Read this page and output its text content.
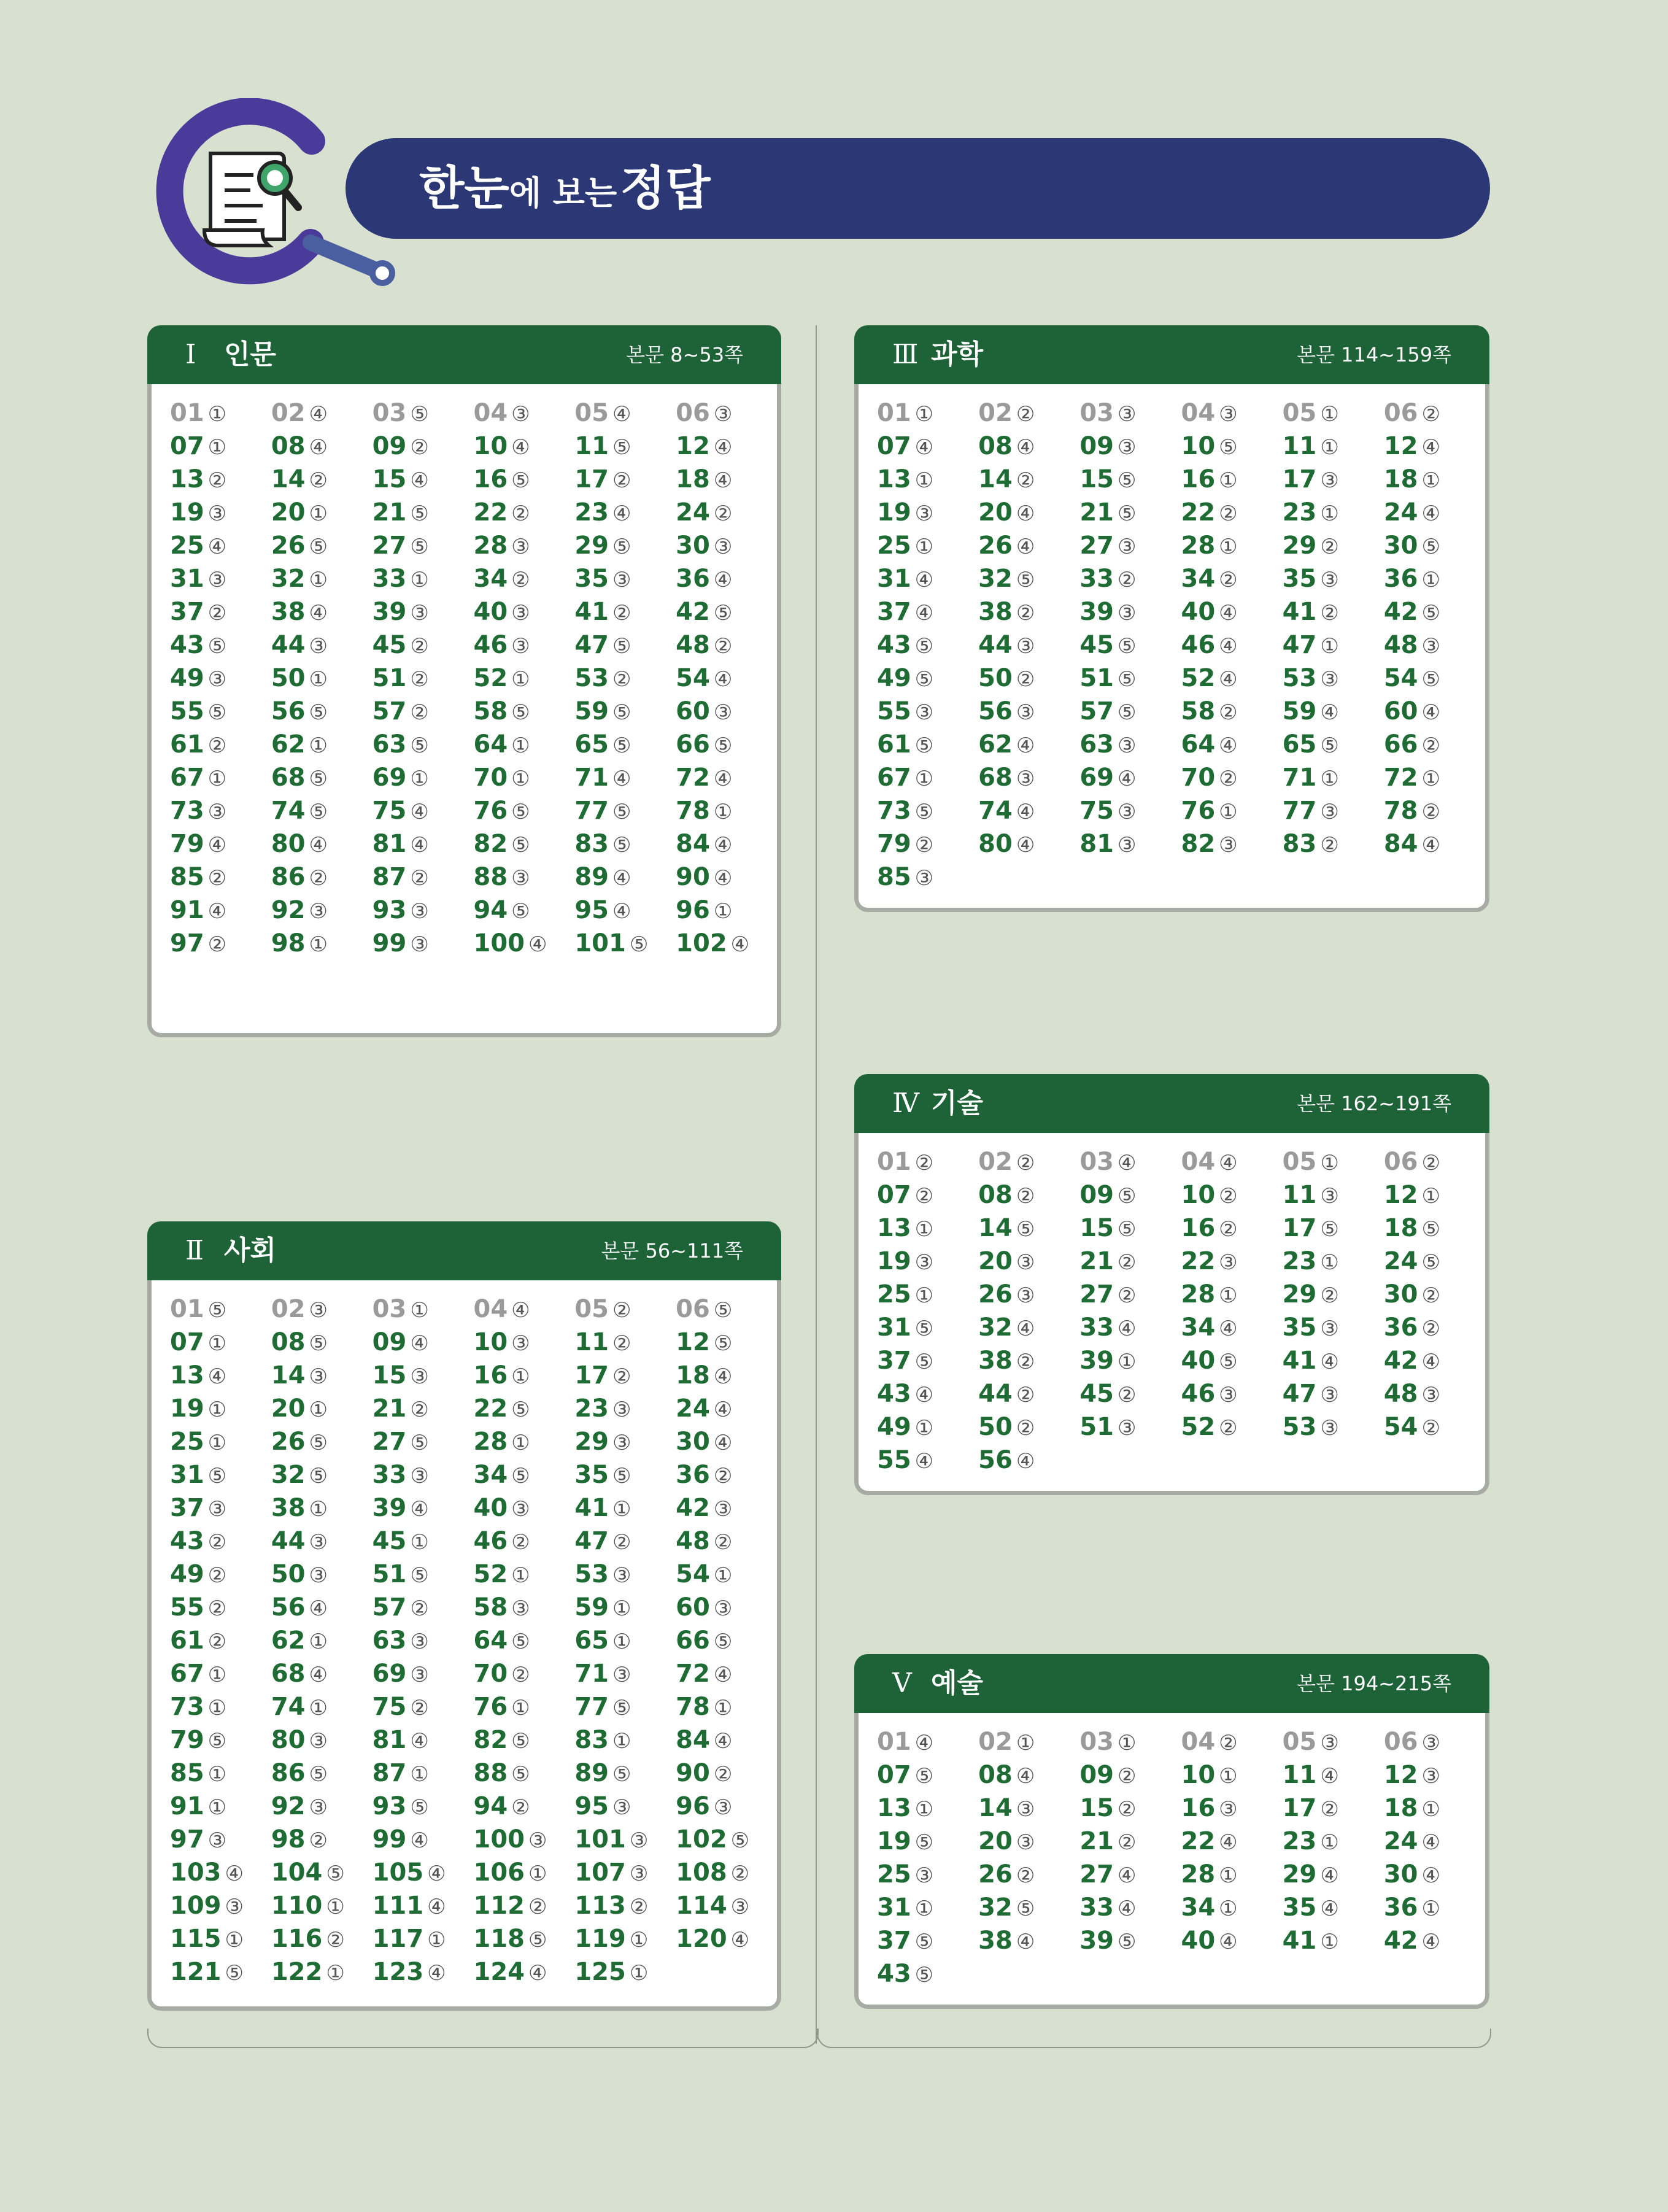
한눈에 보는 정답
Ⅰ 인문	본문 8~53쪽
01 ①	02 ④	03 ⑤	04 ③	05 ④	06 ③
07 ①	08 ④	09 ②	10 ④	11 ⑤	12 ④
13 ②	14 ②	15 ④	16 ⑤	17 ②	18 ④
19 ③	20 ①	21 ⑤	22 ②	23 ④	24 ②
25 ④	26 ⑤	27 ⑤	28 ③	29 ⑤	30 ③
31 ③	32 ①	33 ①	34 ②	35 ③	36 ④
37 ②	38 ④	39 ③	40 ③	41 ②	42 ⑤
43 ⑤	44 ③	45 ②	46 ③	47 ⑤	48 ②
49 ③	50 ①	51 ②	52 ①	53 ②	54 ④
55 ⑤	56 ⑤	57 ②	58 ⑤	59 ⑤	60 ③
61 ②	62 ①	63 ⑤	64 ①	65 ⑤	66 ⑤
67 ①	68 ⑤	69 ①	70 ①	71 ④	72 ④
73 ③	74 ⑤	75 ④	76 ⑤	77 ⑤	78 ①
79 ④	80 ④	81 ④	82 ⑤	83 ⑤	84 ④
85 ②	86 ②	87 ②	88 ③	89 ④	90 ④
91 ④	92 ③	93 ③	94 ⑤	95 ④	96 ①
97 ②	98 ①	99 ③	100 ④	101 ⑤	102 ④
Ⅱ 사회	본문 56~111쪽
01 ⑤	02 ③	03 ①	04 ④	05 ②	06 ⑤
07 ①	08 ⑤	09 ④	10 ③	11 ②	12 ⑤
13 ④	14 ③	15 ③	16 ①	17 ②	18 ④
19 ①	20 ①	21 ②	22 ⑤	23 ③	24 ④
25 ①	26 ⑤	27 ⑤	28 ①	29 ③	30 ④
31 ⑤	32 ⑤	33 ③	34 ⑤	35 ⑤	36 ②
37 ③	38 ①	39 ④	40 ③	41 ①	42 ③
43 ②	44 ③	45 ①	46 ②	47 ②	48 ②
49 ②	50 ③	51 ⑤	52 ①	53 ③	54 ①
55 ②	56 ④	57 ②	58 ③	59 ①	60 ③
61 ②	62 ①	63 ③	64 ⑤	65 ①	66 ⑤
67 ①	68 ④	69 ③	70 ②	71 ③	72 ④
73 ①	74 ①	75 ②	76 ①	77 ⑤	78 ①
79 ⑤	80 ③	81 ④	82 ⑤	83 ①	84 ④
85 ①	86 ⑤	87 ①	88 ⑤	89 ⑤	90 ②
91 ①	92 ③	93 ⑤	94 ②	95 ③	96 ③
97 ③	98 ②	99 ④	100 ③	101 ③	102 ⑤
103 ④	104 ⑤	105 ④	106 ①	107 ③	108 ②
109 ③	110 ①	111 ④	112 ②	113 ②	114 ③
115 ①	116 ②	117 ①	118 ⑤	119 ①	120 ④
121 ⑤	122 ①	123 ④	124 ④	125 ①
Ⅲ 과학	본문 114~159쪽
01 ①	02 ②	03 ③	04 ③	05 ①	06 ②
07 ④	08 ④	09 ③	10 ⑤	11 ①	12 ④
13 ①	14 ②	15 ⑤	16 ①	17 ③	18 ①
19 ③	20 ④	21 ⑤	22 ②	23 ①	24 ④
25 ①	26 ④	27 ③	28 ①	29 ②	30 ⑤
31 ④	32 ⑤	33 ②	34 ②	35 ③	36 ①
37 ④	38 ②	39 ③	40 ④	41 ②	42 ⑤
43 ⑤	44 ③	45 ⑤	46 ④	47 ①	48 ③
49 ⑤	50 ②	51 ⑤	52 ④	53 ③	54 ⑤
55 ③	56 ③	57 ⑤	58 ②	59 ④	60 ④
61 ⑤	62 ④	63 ③	64 ④	65 ⑤	66 ②
67 ①	68 ③	69 ④	70 ②	71 ①	72 ①
73 ⑤	74 ④	75 ③	76 ①	77 ③	78 ②
79 ②	80 ④	81 ③	82 ③	83 ②	84 ④
85 ③
Ⅳ 기술	본문 162~191쪽
01 ②	02 ②	03 ④	04 ④	05 ①	06 ②
07 ②	08 ②	09 ⑤	10 ②	11 ③	12 ①
13 ①	14 ⑤	15 ⑤	16 ②	17 ⑤	18 ⑤
19 ③	20 ③	21 ②	22 ③	23 ①	24 ⑤
25 ①	26 ③	27 ②	28 ①	29 ②	30 ②
31 ⑤	32 ④	33 ④	34 ④	35 ③	36 ②
37 ⑤	38 ②	39 ①	40 ⑤	41 ④	42 ④
43 ④	44 ②	45 ②	46 ③	47 ③	48 ③
49 ①	50 ②	51 ③	52 ②	53 ③	54 ②
55 ④	56 ④
Ⅴ 예술	본문 194~215쪽
01 ④	02 ①	03 ①	04 ②	05 ③	06 ③
07 ⑤	08 ④	09 ②	10 ①	11 ④	12 ③
13 ①	14 ③	15 ②	16 ③	17 ②	18 ①
19 ⑤	20 ③	21 ②	22 ④	23 ①	24 ④
25 ③	26 ②	27 ④	28 ①	29 ④	30 ④
31 ①	32 ⑤	33 ④	34 ①	35 ④	36 ①
37 ⑤	38 ④	39 ⑤	40 ④	41 ①	42 ④
43 ⑤
